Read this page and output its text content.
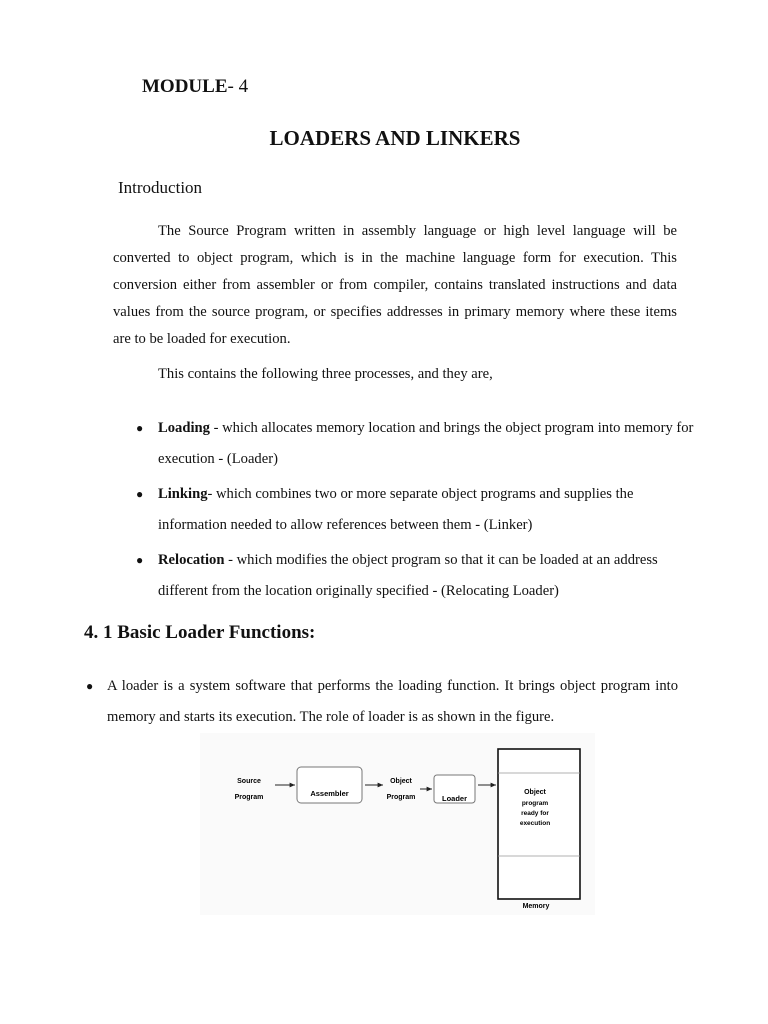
MODULE- 4
LOADERS AND LINKERS
Introduction
The Source Program written in assembly language or high level language will be converted to object program, which is in the machine language form for execution. This conversion either from assembler or from compiler, contains translated instructions and data values from the source program, or specifies addresses in primary memory where these items are to be loaded for execution.
This contains the following three processes, and they are,
● Loading - which allocates memory location and brings the object program into memory for execution - (Loader)
● Linking- which combines two or more separate object programs and supplies the information needed to allow references between them - (Linker)
● Relocation - which modifies the object program so that it can be loaded at an address different from the location originally specified - (Relocating Loader)
4. 1 Basic Loader Functions:
● A loader is a system software that performs the loading function. It brings object program into memory and starts its execution. The role of loader is as shown in the figure.
Source
Program	Assembler
Object
Program	Loader
Object
program
ready for
execution
Memory
